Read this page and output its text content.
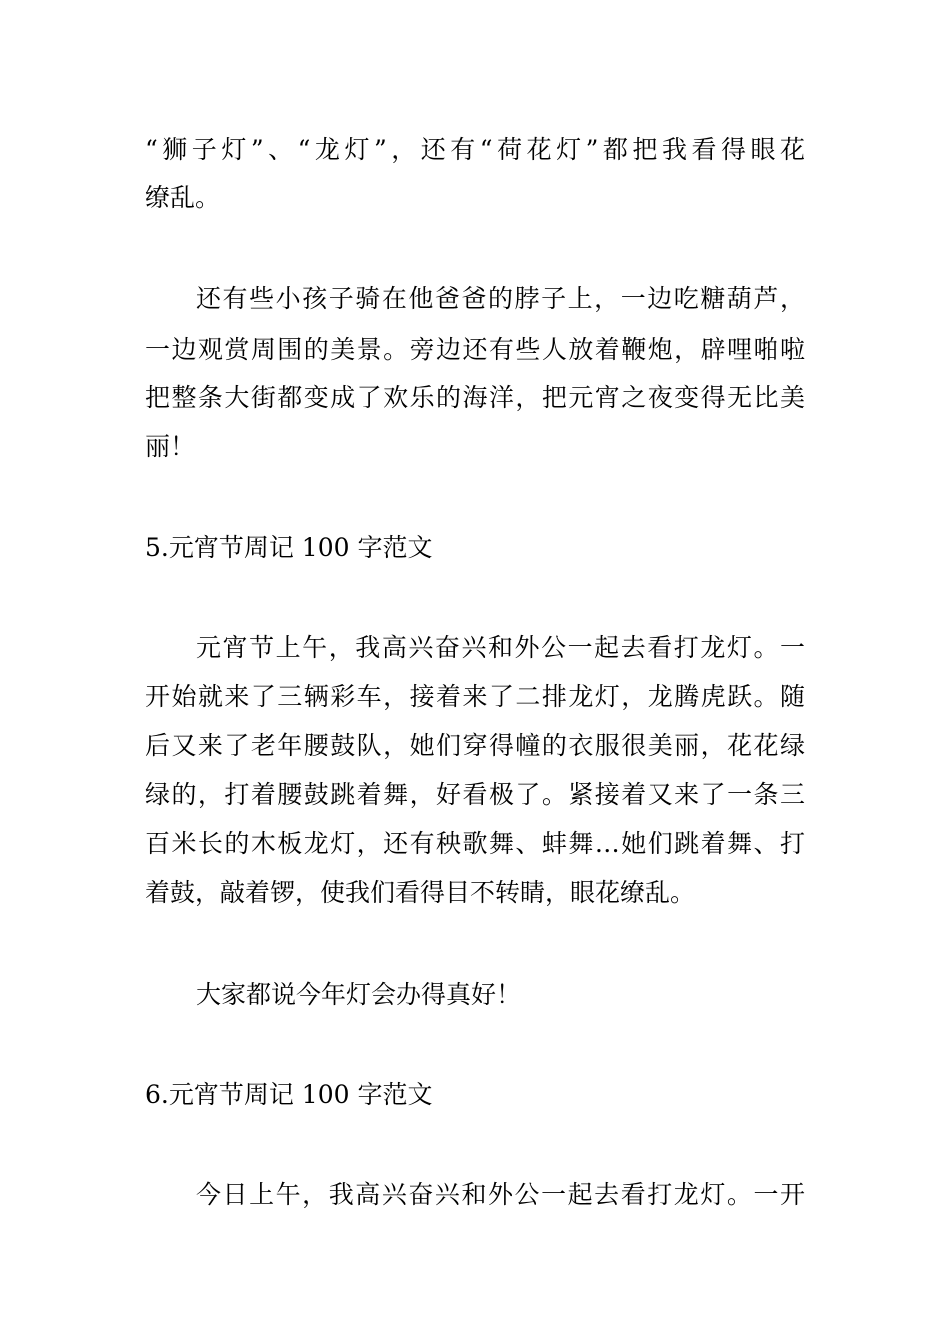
“狮子灯”、“龙灯”，还有“荷花灯”都把我看得眼花
缭乱。
还有些小孩子骑在他爸爸的脖子上，一边吃糖葫芦，
一边观赏周围的美景。旁边还有些人放着鞭炮，辟哩啪啦
把整条大街都变成了欢乐的海洋，把元宵之夜变得无比美
丽！
5.元宵节周记 100 字范文
元宵节上午，我高兴奋兴和外公一起去看打龙灯。一
开始就来了三辆彩车，接着来了二排龙灯，龙腾虎跃。随
后又来了老年腰鼓队，她们穿得幢的衣服很美丽，花花绿
绿的，打着腰鼓跳着舞，好看极了。紧接着又来了一条三
百米长的木板龙灯，还有秧歌舞、蚌舞…她们跳着舞、打
着鼓，敲着锣，使我们看得目不转睛，眼花缭乱。
大家都说今年灯会办得真好！
6.元宵节周记 100 字范文
今日上午，我高兴奋兴和外公一起去看打龙灯。一开
